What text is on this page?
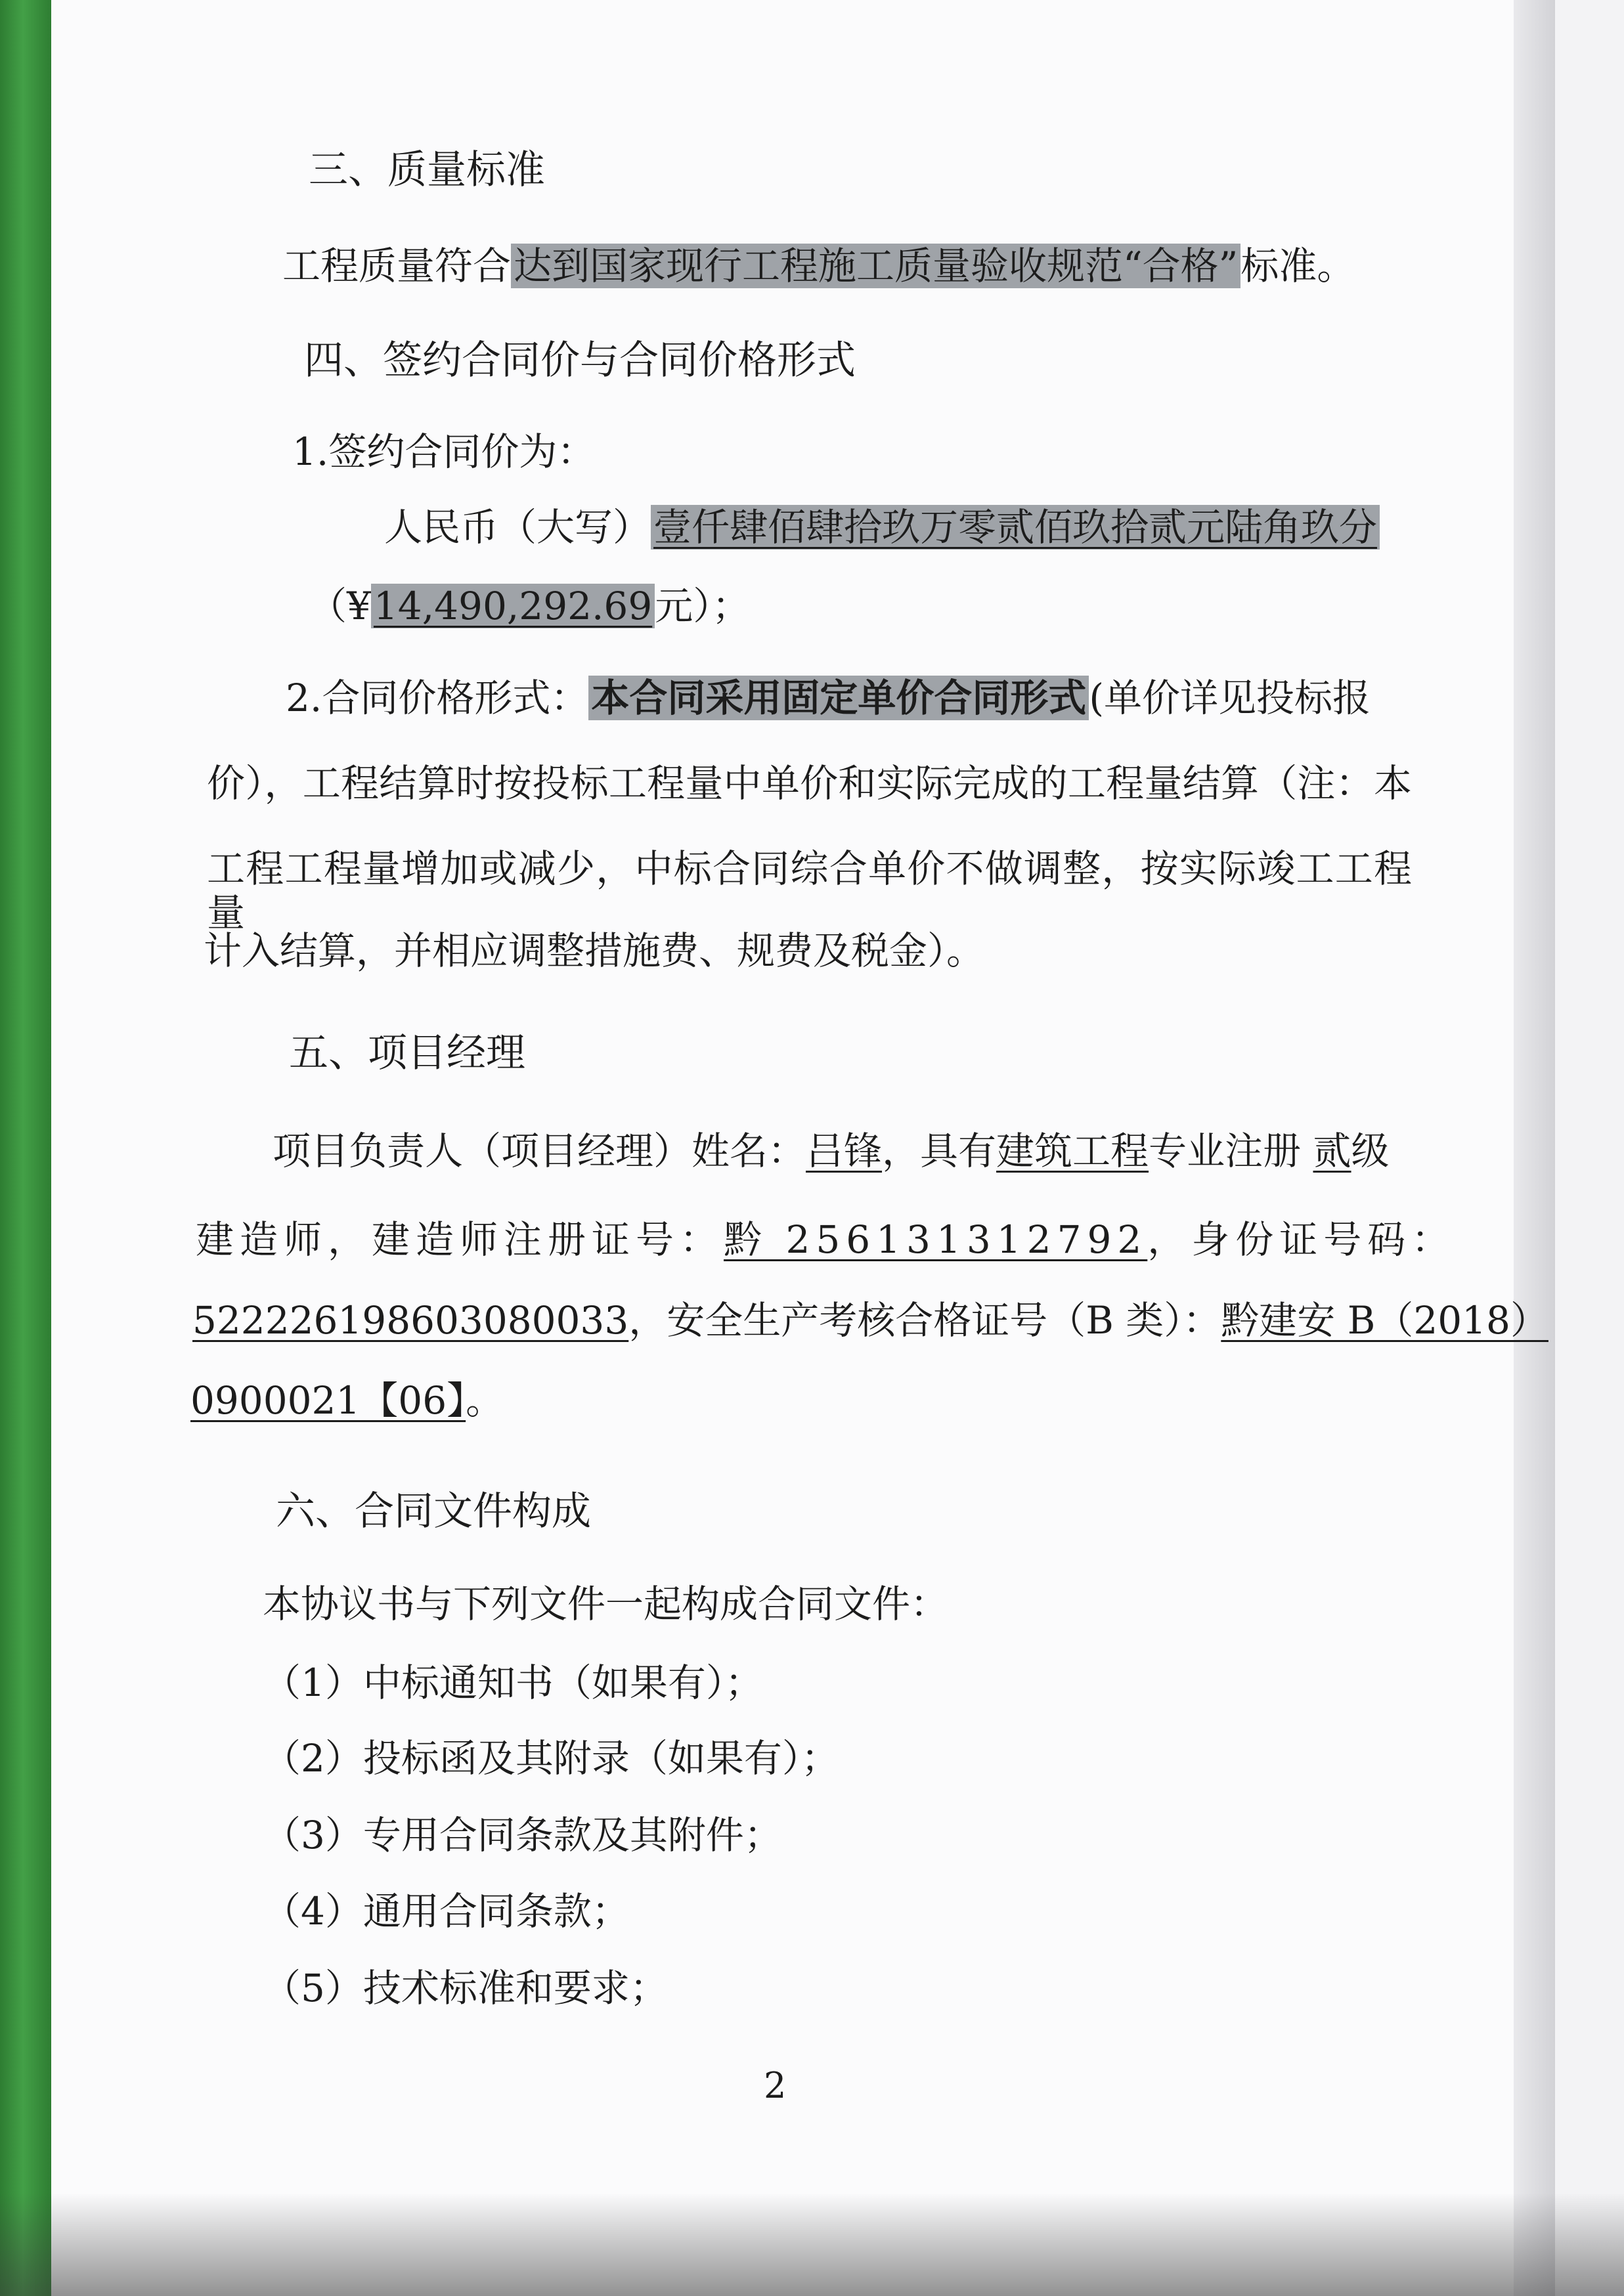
三、质量标准
工程质量符合达到国家现行工程施工质量验收规范“合格”标准。
四、签约合同价与合同价格形式
1.签约合同价为：
人民币（大写）壹仟肆佰肆拾玖万零贰佰玖拾贰元陆角玖分
（¥14,490,292.69元）；
2.合同价格形式：本合同采用固定单价合同形式(单价详见投标报
价），工程结算时按投标工程量中单价和实际完成的工程量结算（注：本
工程工程量增加或减少，中标合同综合单价不做调整，按实际竣工工程量
计入结算，并相应调整措施费、规费及税金）。
五、项目经理
项目负责人（项目经理）姓名：吕锋，具有建筑工程专业注册 贰级
建造师，建造师注册证号：黔 256131312792，身份证号码：
522226198603080033，安全生产考核合格证号（B 类）：黔建安 B（2018）
0900021【06】。
六、合同文件构成
本协议书与下列文件一起构成合同文件：
（1）中标通知书（如果有）；
（2）投标函及其附录（如果有）；
（3）专用合同条款及其附件；
（4）通用合同条款；
（5）技术标准和要求；
2
